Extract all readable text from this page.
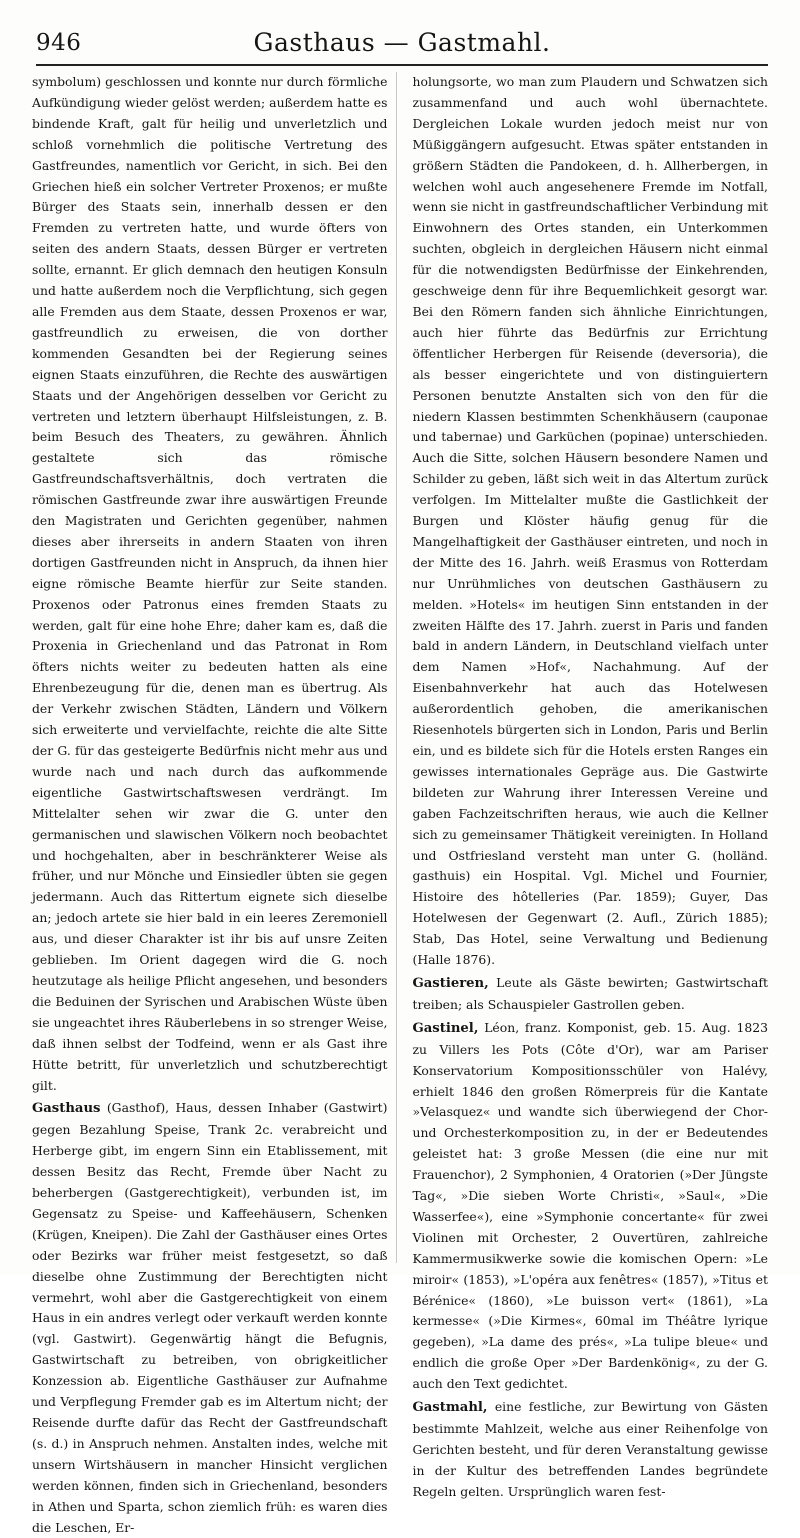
946	Gasthaus — Gastmahl.

symbolum) geschlossen und konnte nur durch förmliche Aufkündigung wieder gelöst werden; außerdem hatte es bindende Kraft, galt für heilig und unverletzlich und schloß vornehmlich die politische Vertretung des Gastfreundes, namentlich vor Gericht, in sich. Bei den Griechen hieß ein solcher Vertreter Proxenos; er mußte Bürger des Staats sein, innerhalb dessen er den Fremden zu vertreten hatte, und wurde öfters von seiten des andern Staats, dessen Bürger er vertreten sollte, ernannt. Er glich demnach den heutigen Konsuln und hatte außerdem noch die Verpflichtung, sich gegen alle Fremden aus dem Staate, dessen Proxenos er war, gastfreundlich zu erweisen, die von dorther kommenden Gesandten bei der Regierung seines eignen Staats einzuführen, die Rechte des auswärtigen Staats und der Angehörigen desselben vor Gericht zu vertreten und letztern überhaupt Hilfsleistungen, z. B. beim Besuch des Theaters, zu gewähren. Ähnlich gestaltete sich das römische Gastfreundschaftsverhältnis, doch vertraten die römischen Gastfreunde zwar ihre auswärtigen Freunde den Magistraten und Gerichten gegenüber, nahmen dieses aber ihrerseits in andern Staaten von ihren dortigen Gastfreunden nicht in Anspruch, da ihnen hier eigne römische Beamte hierfür zur Seite standen. Proxenos oder Patronus eines fremden Staats zu werden, galt für eine hohe Ehre; daher kam es, daß die Proxenia in Griechenland und das Patronat in Rom öfters nichts weiter zu bedeuten hatten als eine Ehrenbezeugung für die, denen man es übertrug. Als der Verkehr zwischen Städten, Ländern und Völkern sich erweiterte und vervielfachte, reichte die alte Sitte der G. für das gesteigerte Bedürfnis nicht mehr aus und wurde nach und nach durch das aufkommende eigentliche Gastwirtschaftswesen verdrängt. Im Mittelalter sehen wir zwar die G. unter den germanischen und slawischen Völkern noch beobachtet und hochgehalten, aber in beschränkterer Weise als früher, und nur Mönche und Einsiedler übten sie gegen jedermann. Auch das Rittertum eignete sich dieselbe an; jedoch artete sie hier bald in ein leeres Zeremoniell aus, und dieser Charakter ist ihr bis auf unsre Zeiten geblieben. Im Orient dagegen wird die G. noch heutzutage als heilige Pflicht angesehen, und besonders die Beduinen der Syrischen und Arabischen Wüste üben sie ungeachtet ihres Räuberlebens in so strenger Weise, daß ihnen selbst der Todfeind, wenn er als Gast ihre Hütte betritt, für unverletzlich und schutzberechtigt gilt.

Gasthaus (Gasthof), Haus, dessen Inhaber (Gastwirt) gegen Bezahlung Speise, Trank 2c. verabreicht und Herberge gibt, im engern Sinn ein Etablissement, mit dessen Besitz das Recht, Fremde über Nacht zu beherbergen (Gastgerechtigkeit), verbunden ist, im Gegensatz zu Speise- und Kaffeehäusern, Schenken (Krügen, Kneipen). Die Zahl der Gasthäuser eines Ortes oder Bezirks war früher meist festgesetzt, so daß dieselbe ohne Zustimmung der Berechtigten nicht vermehrt, wohl aber die Gastgerechtigkeit von einem Haus in ein andres verlegt oder verkauft werden konnte (vgl. Gastwirt). Gegenwärtig hängt die Befugnis, Gastwirtschaft zu betreiben, von obrigkeitlicher Konzession ab. Eigentliche Gasthäuser zur Aufnahme und Verpflegung Fremder gab es im Altertum nicht; der Reisende durfte dafür das Recht der Gastfreundschaft (s. d.) in Anspruch nehmen. Anstalten indes, welche mit unsern Wirtshäusern in mancher Hinsicht verglichen werden können, finden sich in Griechenland, besonders in Athen und Sparta, schon ziemlich früh: es waren dies die Leschen, Er-

holungsorte, wo man zum Plaudern und Schwatzen sich zusammenfand und auch wohl übernachtete. Dergleichen Lokale wurden jedoch meist nur von Müßiggängern aufgesucht. Etwas später entstanden in größern Städten die Pandokeen, d. h. Allherbergen, in welchen wohl auch angesehenere Fremde im Notfall, wenn sie nicht in gastfreundschaftlicher Verbindung mit Einwohnern des Ortes standen, ein Unterkommen suchten, obgleich in dergleichen Häusern nicht einmal für die notwendigsten Bedürfnisse der Einkehrenden, geschweige denn für ihre Bequemlichkeit gesorgt war. Bei den Römern fanden sich ähnliche Einrichtungen, auch hier führte das Bedürfnis zur Errichtung öffentlicher Herbergen für Reisende (deversoria), die als besser eingerichtete und von distinguiertern Personen benutzte Anstalten sich von den für die niedern Klassen bestimmten Schenkhäusern (cauponae und tabernae) und Garküchen (popinae) unterschieden. Auch die Sitte, solchen Häusern besondere Namen und Schilder zu geben, läßt sich weit in das Altertum zurück verfolgen. Im Mittelalter mußte die Gastlichkeit der Burgen und Klöster häufig genug für die Mangelhaftigkeit der Gasthäuser eintreten, und noch in der Mitte des 16. Jahrh. weiß Erasmus von Rotterdam nur Unrühmliches von deutschen Gasthäusern zu melden. »Hotels« im heutigen Sinn entstanden in der zweiten Hälfte des 17. Jahrh. zuerst in Paris und fanden bald in andern Ländern, in Deutschland vielfach unter dem Namen »Hof«, Nachahmung. Auf der Eisenbahnverkehr hat auch das Hotelwesen außerordentlich gehoben, die amerikanischen Riesenhotels bürgerten sich in London, Paris und Berlin ein, und es bildete sich für die Hotels ersten Ranges ein gewisses internationales Gepräge aus. Die Gastwirte bildeten zur Wahrung ihrer Interessen Vereine und gaben Fachzeitschriften heraus, wie auch die Kellner sich zu gemeinsamer Thätigkeit vereinigten. In Holland und Ostfriesland versteht man unter G. (holländ. gasthuis) ein Hospital. Vgl. Michel und Fournier, Histoire des hôtelleries (Par. 1859); Guyer, Das Hotelwesen der Gegenwart (2. Aufl., Zürich 1885); Stab, Das Hotel, seine Verwaltung und Bedienung (Halle 1876).

Gastieren, Leute als Gäste bewirten; Gastwirtschaft treiben; als Schauspieler Gastrollen geben.

Gastinel, Léon, franz. Komponist, geb. 15. Aug. 1823 zu Villers les Pots (Côte d'Or), war am Pariser Konservatorium Kompositionsschüler von Halévy, erhielt 1846 den großen Römerpreis für die Kantate »Velasquez« und wandte sich überwiegend der Chor- und Orchesterkomposition zu, in der er Bedeutendes geleistet hat: 3 große Messen (die eine nur mit Frauenchor), 2 Symphonien, 4 Oratorien (»Der Jüngste Tag«, »Die sieben Worte Christi«, »Saul«, »Die Wasserfee«), eine »Symphonie concertante« für zwei Violinen mit Orchester, 2 Ouvertüren, zahlreiche Kammermusikwerke sowie die komischen Opern: »Le miroir« (1853), »L'opéra aux fenêtres« (1857), »Titus et Bérénice« (1860), »Le buisson vert« (1861), »La kermesse« (»Die Kirmes«, 60mal im Théâtre lyrique gegeben), »La dame des prés«, »La tulipe bleue« und endlich die große Oper »Der Bardenkönig«, zu der G. auch den Text gedichtet.

Gastmahl, eine festliche, zur Bewirtung von Gästen bestimmte Mahlzeit, welche aus einer Reihenfolge von Gerichten besteht, und für deren Veranstaltung gewisse in der Kultur des betreffenden Landes begründete Regeln gelten. Ursprünglich waren fest-
